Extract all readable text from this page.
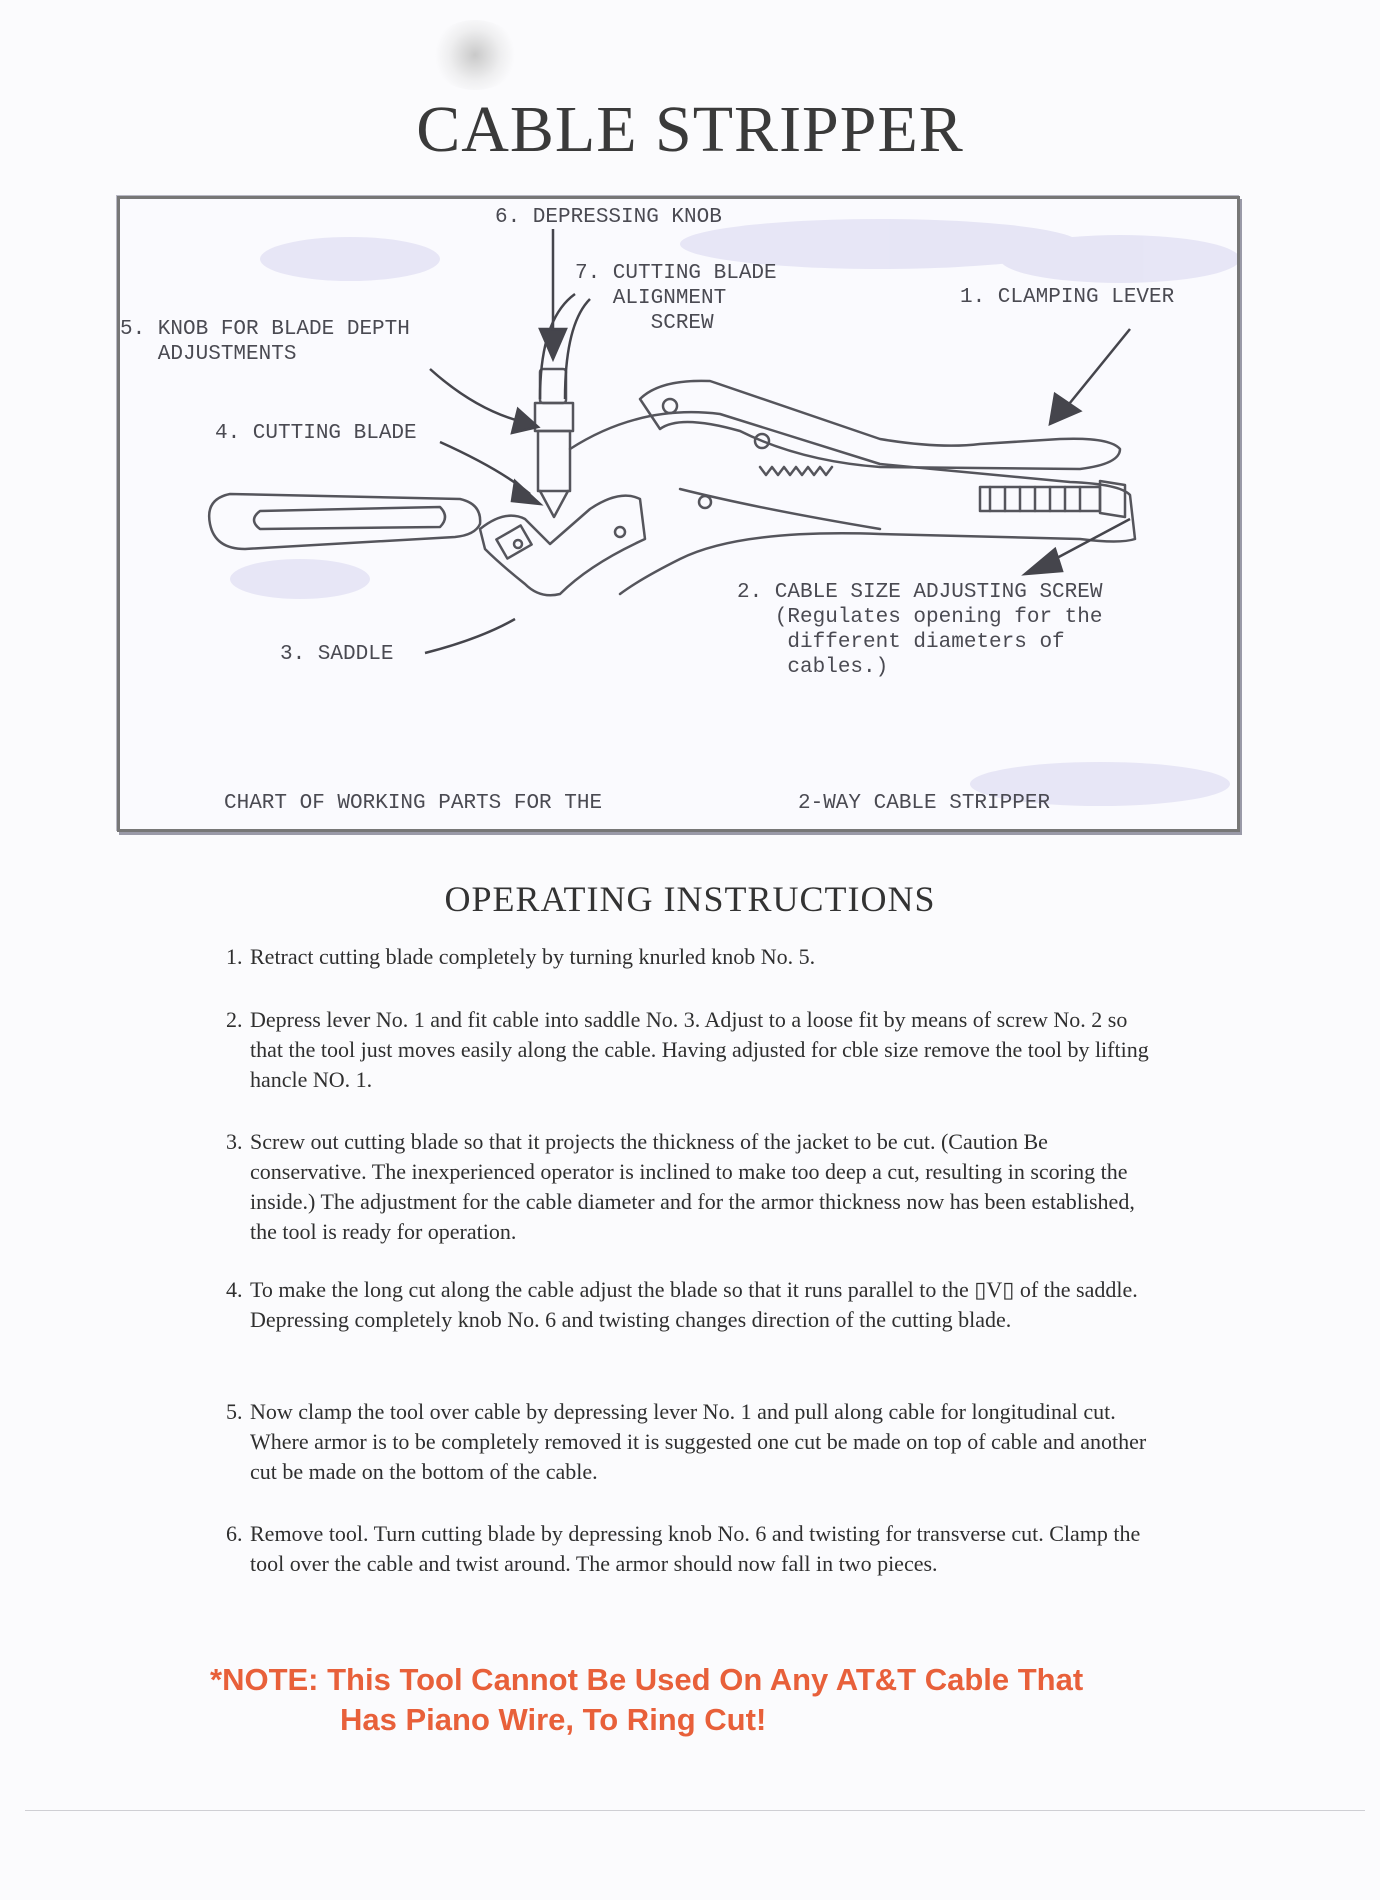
CABLE STRIPPER
6. DEPRESSING KNOB
7. CUTTING BLADE
ALIGNMENT
SCREW
1. CLAMPING LEVER
5. KNOB FOR BLADE DEPTH
ADJUSTMENTS
4. CUTTING BLADE
2. CABLE SIZE ADJUSTING SCREW
(Regulates opening for the
different diameters of
cables.)
3. SADDLE
CHART OF WORKING PARTS FOR THE	2-WAY CABLE STRIPPER
OPERATING INSTRUCTIONS
1. Retract cutting blade completely by turning knurled knob No. 5.
2. Depress lever No. 1 and fit cable into saddle No. 3. Adjust to a loose fit by means of screw No. 2 so that the tool just moves easily along the cable. Having adjusted for cble size remove the tool by lifting hancle NO. 1.
3. Screw out cutting blade so that it projects the thickness of the jacket to be cut. (Caution Be conservative. The inexperienced operator is inclined to make too deep a cut, resulting in scoring the inside.) The adjustment for the cable diameter and for the armor thickness now has been established, the tool is ready for operation.
4. To make the long cut along the cable adjust the blade so that it runs parallel to the ▯V▯ of the saddle. Depressing completely knob No. 6 and twisting changes direction of the cutting blade.
5. Now clamp the tool over cable by depressing lever No. 1 and pull along cable for longitudinal cut. Where armor is to be completely removed it is suggested one cut be made on top of cable and another cut be made on the bottom of the cable.
6. Remove tool. Turn cutting blade by depressing knob No. 6 and twisting for transverse cut. Clamp the tool over the cable and twist around. The armor should now fall in two pieces.

*NOTE: This Tool Cannot Be Used On Any AT&T Cable That
Has Piano Wire, To Ring Cut!
